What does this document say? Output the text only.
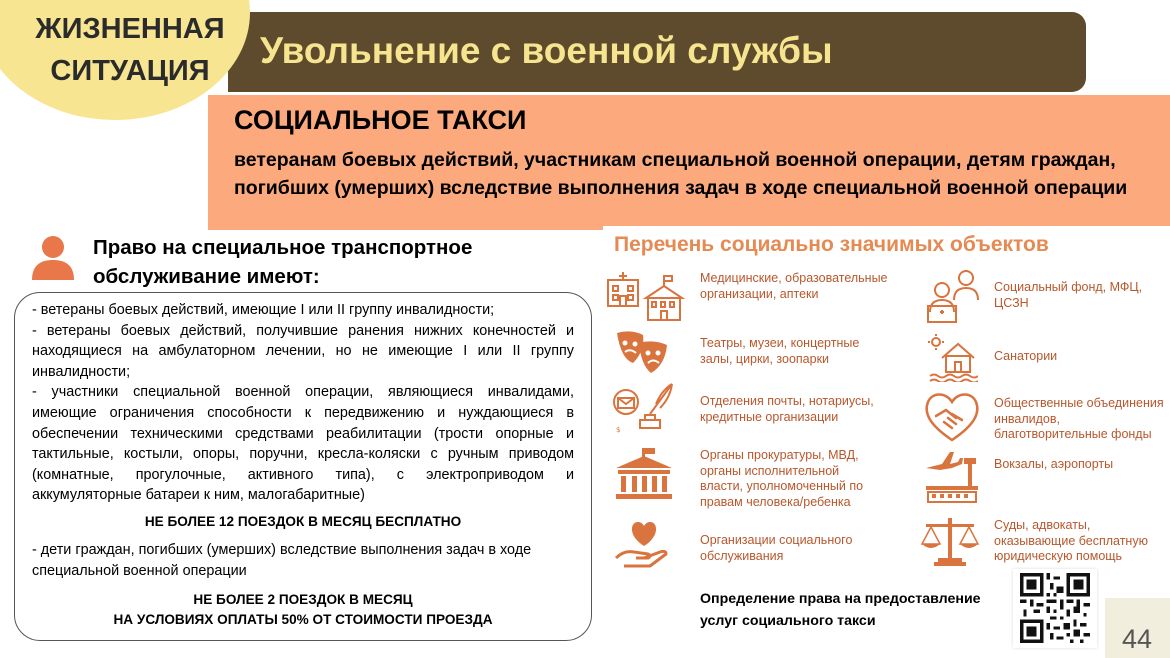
ЖИЗНЕННАЯ
СИТУАЦИЯ	Увольнение с военной службы
СОЦИАЛЬНОЕ ТАКСИ
ветеранам боевых действий, участникам специальной военной операции, детям граждан, погибших (умерших) вследствие выполнения задач в ходе специальной военной операции
Право на специальное транспортное
обслуживание имеют:

- ветераны боевых действий, имеющие I или II группу инвалидности;

- ветераны боевых действий, получившие ранения нижних конечностей и находящиеся на амбулаторном лечении, но не имеющие I или II группу инвалидности;

- участники специальной военной операции, являющиеся инвалидами, имеющие ограничения способности к передвижению и нуждающиеся в обеспечении техническими средствами реабилитации (трости опорные и тактильные, костыли, опоры, поручни, кресла-коляски с ручным приводом (комнатные, прогулочные, активного типа), с электроприводом и аккумуляторные батареи к ним, малогабаритные)

НЕ БОЛЕЕ 12 ПОЕЗДОК В МЕСЯЦ БЕСПЛАТНО

- дети граждан, погибших (умерших) вследствие выполнения задач в ходе специальной военной операции

НЕ БОЛЕЕ 2 ПОЕЗДОК В МЕСЯЦ

НА УСЛОВИЯХ ОПЛАТЫ 50% ОТ СТОИМОСТИ ПРОЕЗДА

Перечень социально значимых объектов
$
Медицинские, образовательные организации, аптеки
Театры, музеи, концертные залы, цирки, зоопарки
Отделения почты, нотариусы, кредитные организации
Органы прокуратуры, МВД, органы исполнительной власти, уполномоченный по правам человека/ребенка
Организации социального обслуживания
Социальный фонд, МФЦ, ЦСЗН
Санатории
Общественные объединения инвалидов, благотворительные фонды
Вокзалы, аэропорты
Суды, адвокаты, оказывающие бесплатную юридическую помощь
Определение права на предоставление
услуг социального такси
44
